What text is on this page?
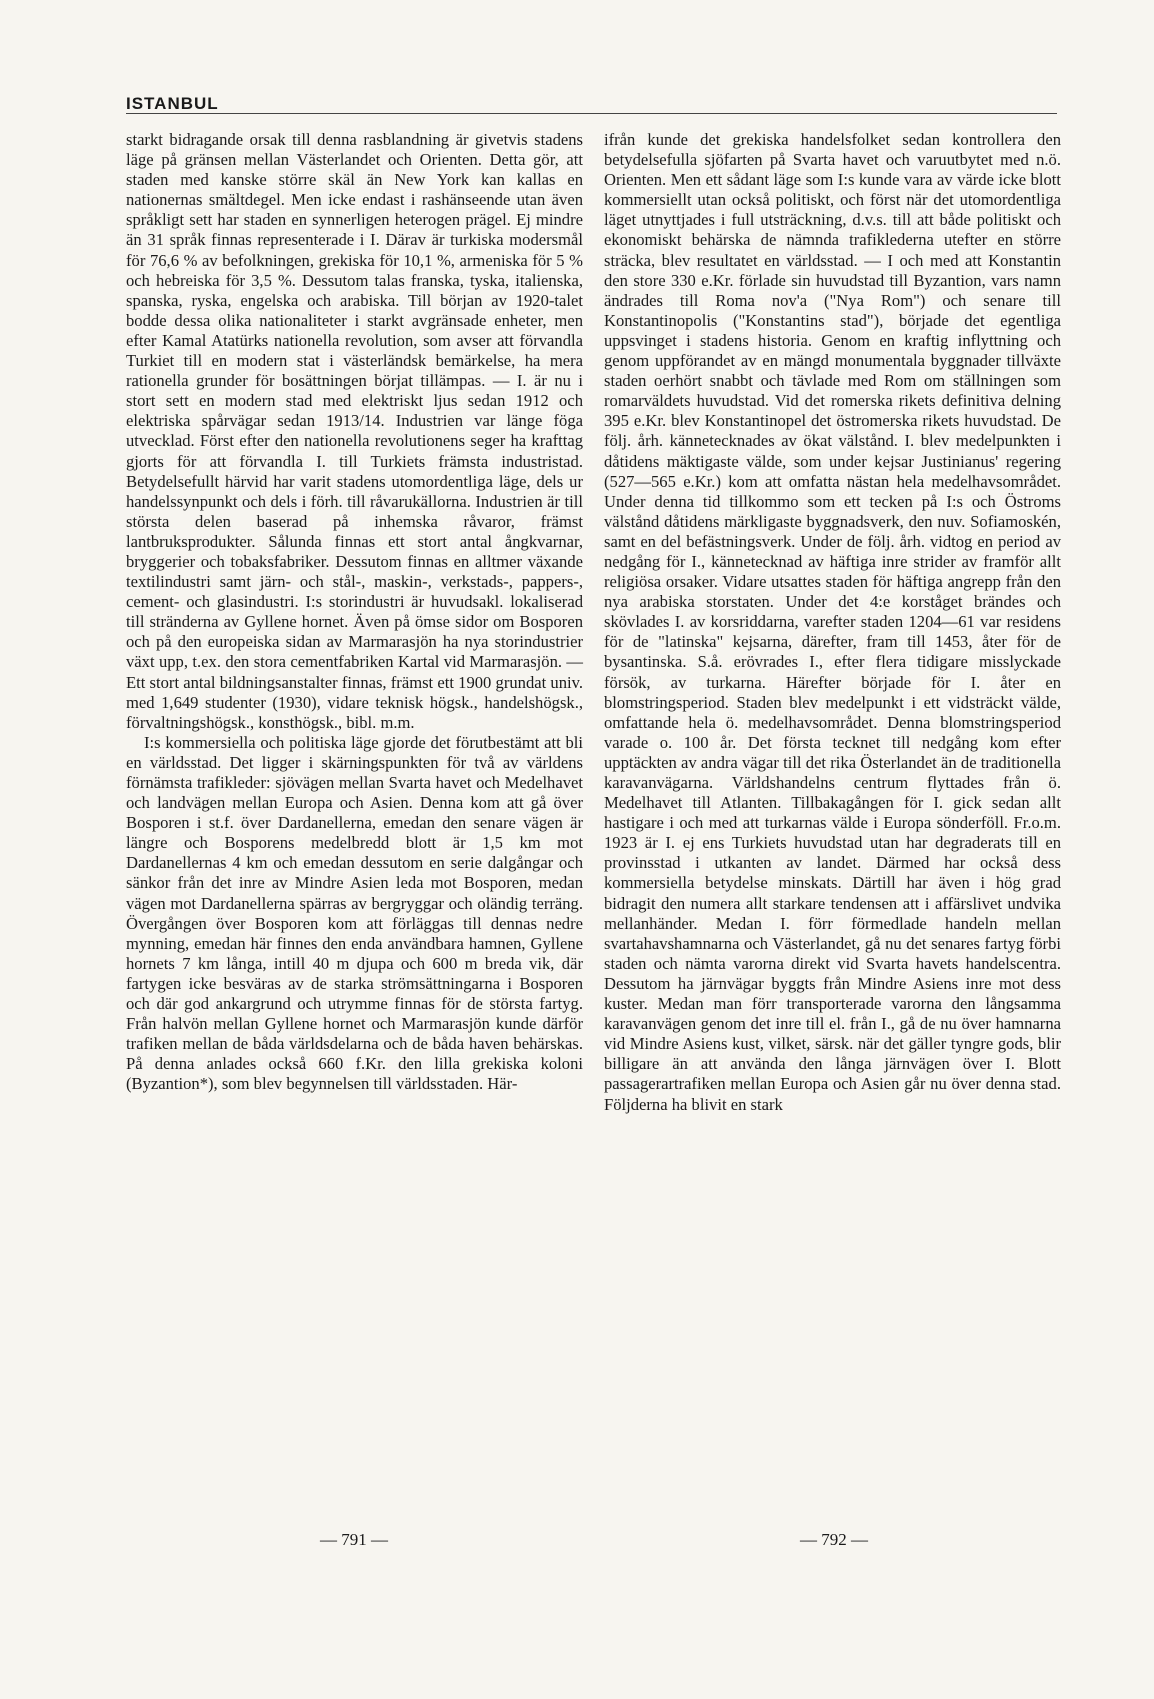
ISTANBUL

starkt bidragande orsak till denna rasblandning är givetvis stadens läge på gränsen mellan Västerlandet och Orienten. Detta gör, att staden med kanske större skäl än New York kan kallas en nationernas smältdegel. Men icke endast i rashänseende utan även språkligt sett har staden en synnerligen heterogen prägel. Ej mindre än 31 språk finnas representerade i I. Därav är turkiska modersmål för 76,6 % av befolkningen, grekiska för 10,1 %, armeniska för 5 % och hebreiska för 3,5 %. Dessutom talas franska, tyska, italienska, spanska, ryska, engelska och arabiska. Till början av 1920-talet bodde dessa olika nationaliteter i starkt avgränsade enheter, men efter Kamal Atatürks nationella revolution, som avser att förvandla Turkiet till en modern stat i västerländsk bemärkelse, ha mera rationella grunder för bosättningen börjat tillämpas. — I. är nu i stort sett en modern stad med elektriskt ljus sedan 1912 och elektriska spårvägar sedan 1913/14. Industrien var länge föga utvecklad. Först efter den nationella revolutionens seger ha krafttag gjorts för att förvandla I. till Turkiets främsta industristad. Betydelsefullt härvid har varit stadens utomordentliga läge, dels ur handelssynpunkt och dels i förh. till råvarukällorna. Industrien är till största delen baserad på inhemska råvaror, främst lantbruksprodukter. Sålunda finnas ett stort antal ångkvarnar, bryggerier och tobaksfabriker. Dessutom finnas en alltmer växande textilindustri samt järn- och stål-, maskin-, verkstads-, pappers-, cement- och glasindustri. I:s storindustri är huvudsakl. lokaliserad till stränderna av Gyllene hornet. Även på ömse sidor om Bosporen och på den europeiska sidan av Marmarasjön ha nya storindustrier växt upp, t.ex. den stora cementfabriken Kartal vid Marmarasjön. — Ett stort antal bildningsanstalter finnas, främst ett 1900 grundat univ. med 1,649 studenter (1930), vidare teknisk högsk., handelshögsk., förvaltningshögsk., konsthögsk., bibl. m.m.

I:s kommersiella och politiska läge gjorde det förutbestämt att bli en världsstad. Det ligger i skärningspunkten för två av världens förnämsta trafikleder: sjövägen mellan Svarta havet och Medelhavet och landvägen mellan Europa och Asien. Denna kom att gå över Bosporen i st.f. över Dardanellerna, emedan den senare vägen är längre och Bosporens medelbredd blott är 1,5 km mot Dardanellernas 4 km och emedan dessutom en serie dalgångar och sänkor från det inre av Mindre Asien leda mot Bosporen, medan vägen mot Dardanellerna spärras av bergryggar och oländig terräng. Övergången över Bosporen kom att förläggas till dennas nedre mynning, emedan här finnes den enda användbara hamnen, Gyllene hornets 7 km långa, intill 40 m djupa och 600 m breda vik, där fartygen icke besväras av de starka strömsättningarna i Bosporen och där god ankargrund och utrymme finnas för de största fartyg. Från halvön mellan Gyllene hornet och Marmarasjön kunde därför trafiken mellan de båda världsdelarna och de båda haven behärskas. På denna anlades också 660 f.Kr. den lilla grekiska koloni (Byzantion*), som blev begynnelsen till världsstaden. Här-

ifrån kunde det grekiska handelsfolket sedan kontrollera den betydelsefulla sjöfarten på Svarta havet och varuutbytet med n.ö. Orienten. Men ett sådant läge som I:s kunde vara av värde icke blott kommersiellt utan också politiskt, och först när det utomordentliga läget utnyttjades i full utsträckning, d.v.s. till att både politiskt och ekonomiskt behärska de nämnda trafiklederna utefter en större sträcka, blev resultatet en världsstad. — I och med att Konstantin den store 330 e.Kr. förlade sin huvudstad till Byzantion, vars namn ändrades till Roma nov'a ("Nya Rom") och senare till Konstantinopolis ("Konstantins stad"), började det egentliga uppsvinget i stadens historia. Genom en kraftig inflyttning och genom uppförandet av en mängd monumentala byggnader tillväxte staden oerhört snabbt och tävlade med Rom om ställningen som romarväldets huvudstad. Vid det romerska rikets definitiva delning 395 e.Kr. blev Konstantinopel det östromerska rikets huvudstad. De följ. årh. kännetecknades av ökat välstånd. I. blev medelpunkten i dåtidens mäktigaste välde, som under kejsar Justinianus' regering (527—565 e.Kr.) kom att omfatta nästan hela medelhavsområdet. Under denna tid tillkommo som ett tecken på I:s och Östroms välstånd dåtidens märkligaste byggnadsverk, den nuv. Sofiamoskén, samt en del befästningsverk. Under de följ. årh. vidtog en period av nedgång för I., kännetecknad av häftiga inre strider av framför allt religiösa orsaker. Vidare utsattes staden för häftiga angrepp från den nya arabiska storstaten. Under det 4:e korståget brändes och skövlades I. av korsriddarna, varefter staden 1204—61 var residens för de "latinska" kejsarna, därefter, fram till 1453, åter för de bysantinska. S.å. erövrades I., efter flera tidigare misslyckade försök, av turkarna. Härefter började för I. åter en blomstringsperiod. Staden blev medelpunkt i ett vidsträckt välde, omfattande hela ö. medelhavsområdet. Denna blomstringsperiod varade o. 100 år. Det första tecknet till nedgång kom efter upptäckten av andra vägar till det rika Österlandet än de traditionella karavanvägarna. Världshandelns centrum flyttades från ö. Medelhavet till Atlanten. Tillbakagången för I. gick sedan allt hastigare i och med att turkarnas välde i Europa sönderföll. Fr.o.m. 1923 är I. ej ens Turkiets huvudstad utan har degraderats till en provinsstad i utkanten av landet. Därmed har också dess kommersiella betydelse minskats. Därtill har även i hög grad bidragit den numera allt starkare tendensen att i affärslivet undvika mellanhänder. Medan I. förr förmedlade handeln mellan svartahavshamnarna och Västerlandet, gå nu det senares fartyg förbi staden och nämta varorna direkt vid Svarta havets handelscentra. Dessutom ha järnvägar byggts från Mindre Asiens inre mot dess kuster. Medan man förr transporterade varorna den långsamma karavanvägen genom det inre till el. från I., gå de nu över hamnarna vid Mindre Asiens kust, vilket, särsk. när det gäller tyngre gods, blir billigare än att använda den långa järnvägen över I. Blott passagerartrafiken mellan Europa och Asien går nu över denna stad. Följderna ha blivit en stark

— 791 —	— 792 —
